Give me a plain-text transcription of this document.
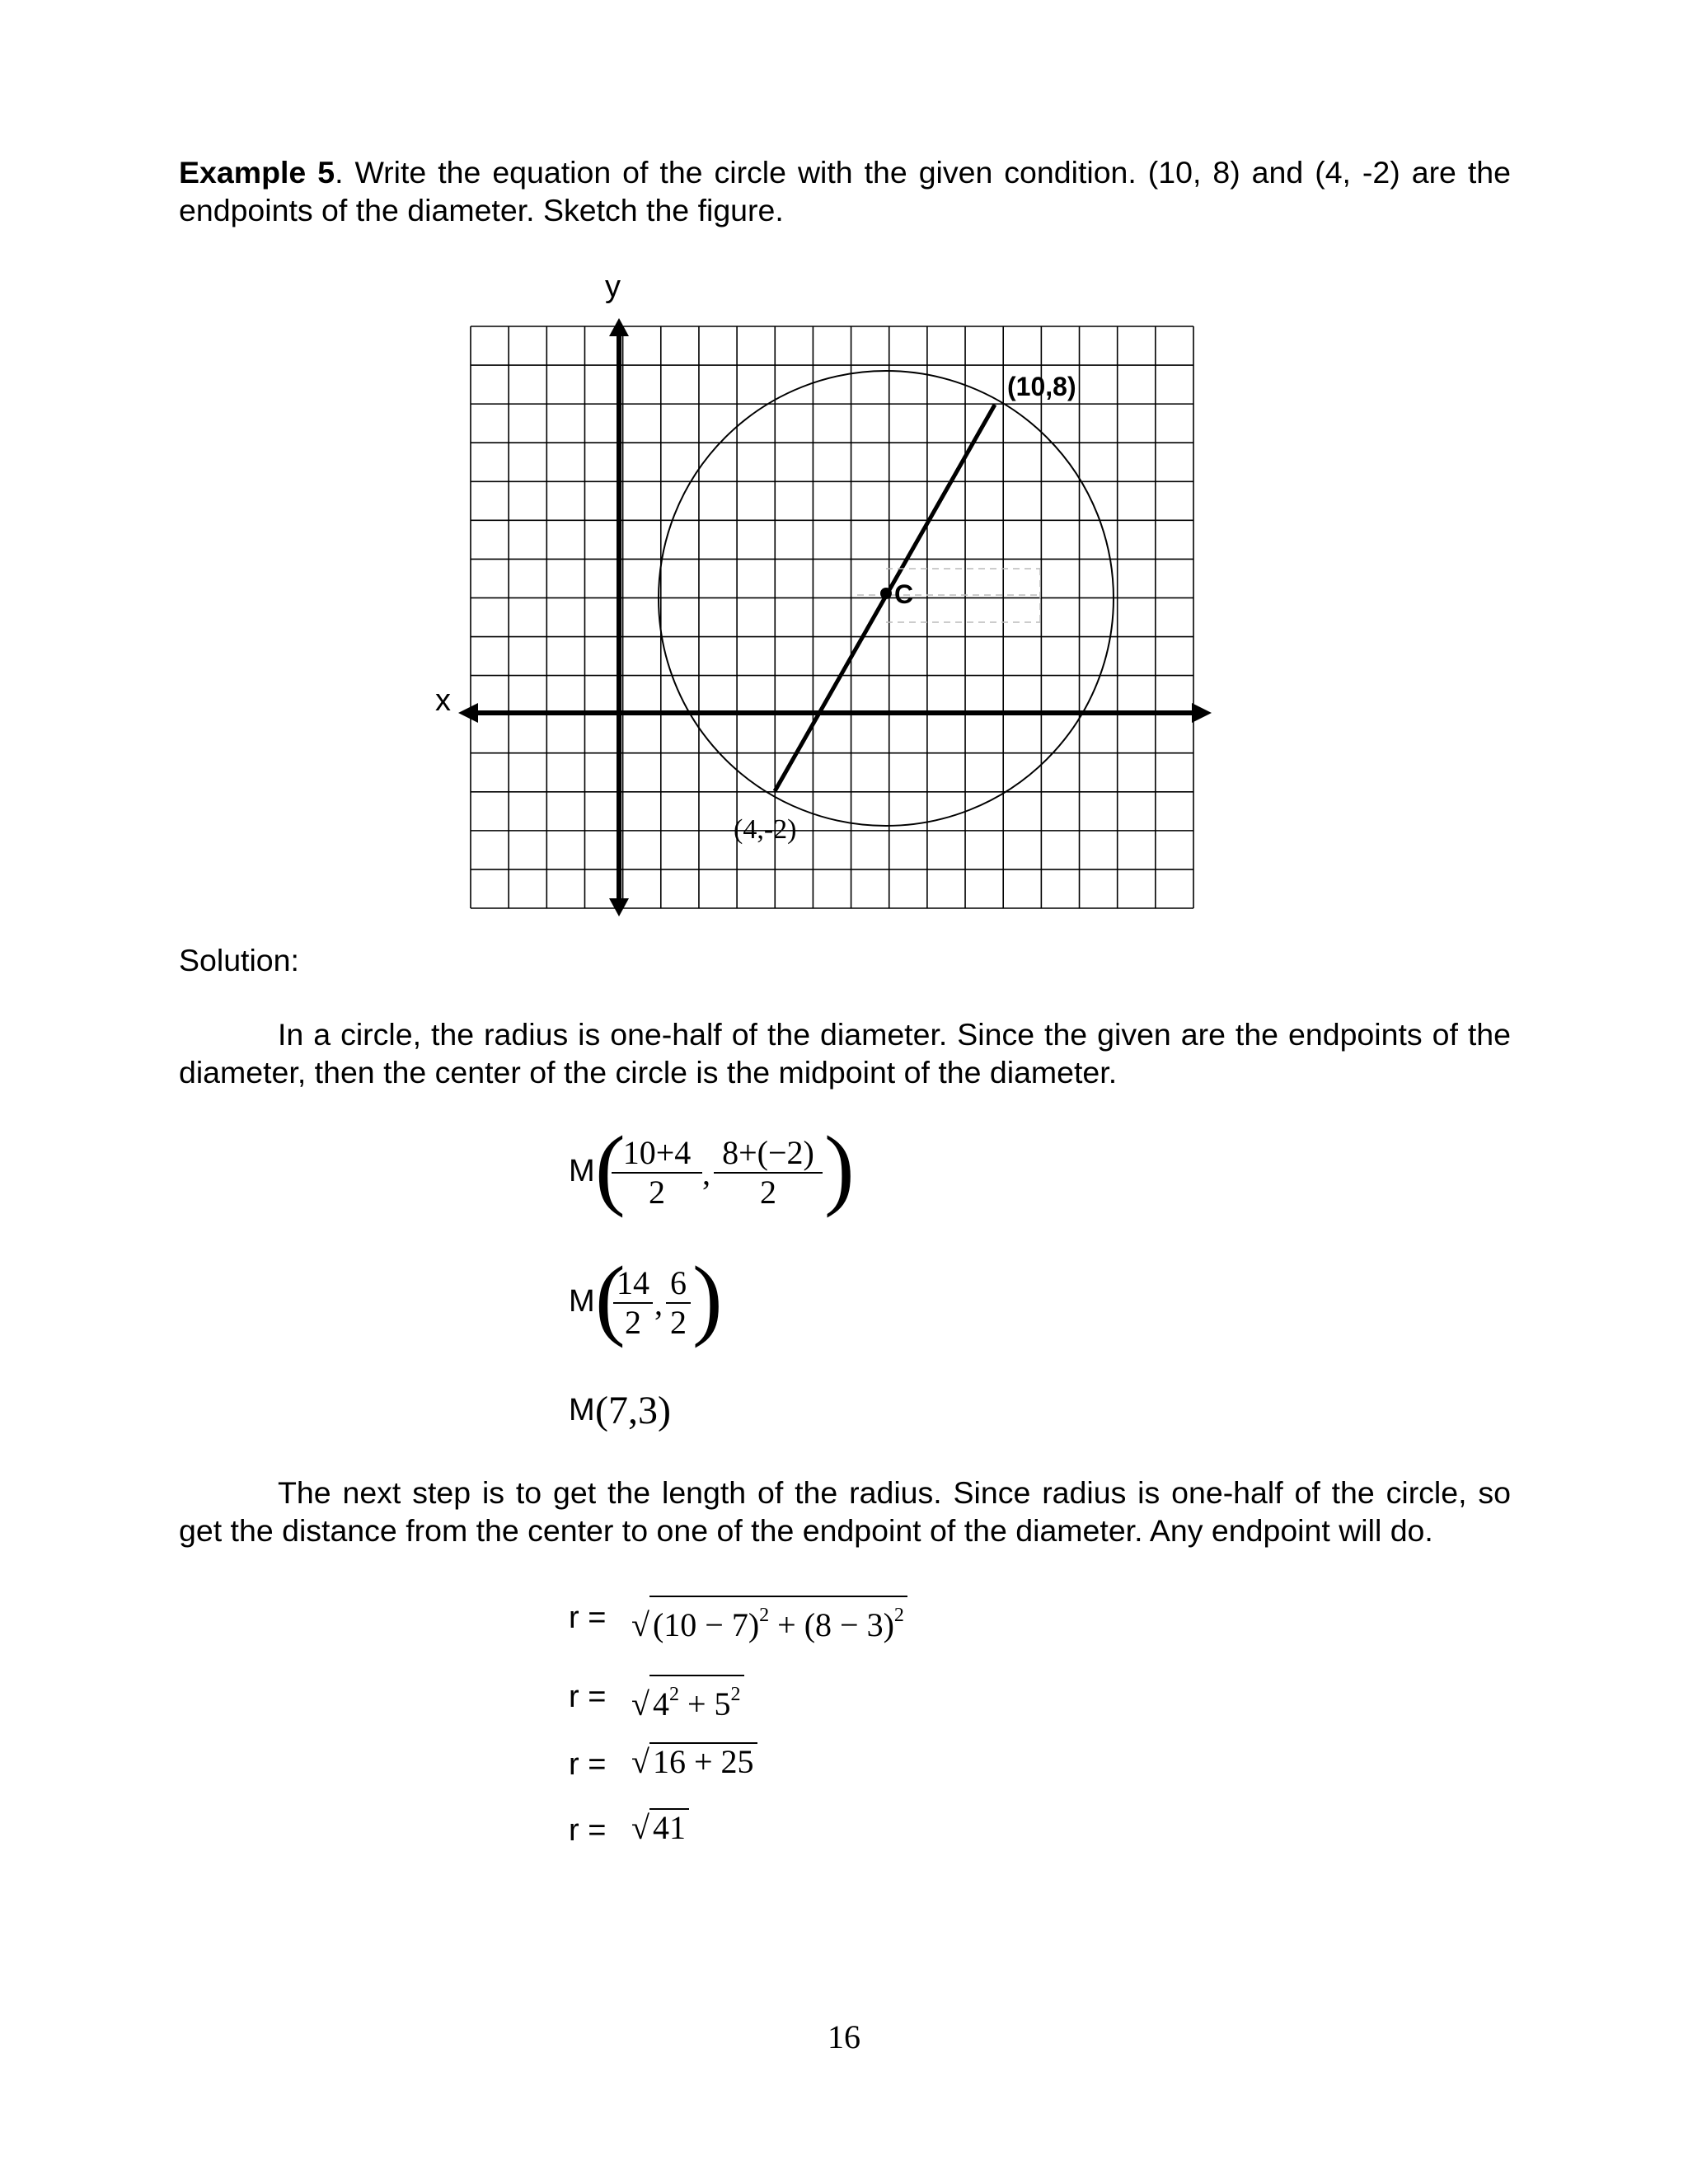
Example 5. Write the equation of the circle with the given condition. (10, 8) and (4, -2) are the endpoints of the diameter. Sketch the figure.

C
(10,8)
(4,-2)
x
y
Solution:

In a circle, the radius is one-half of the diameter. Since the given are the endpoints of the diameter, then the center of the circle is the midpoint of the diameter.

M (
$\frac{10+4}{2}$ , $\frac{8+(-2)}{2}$ )
M (
$\frac{14}{2}$ , $\frac{6}{2}$ )
M (7,3)

The next step is to get the length of the radius. Since radius is one-half of the circle, so get the distance from the center to one of the endpoint of the diameter. Any endpoint will do.

r = √ $(10 - 7)^2 + (8 - 3)^2$
r = √ $4^2 + 5^2$
r = √ 16 + 25
r = √ 41
16
